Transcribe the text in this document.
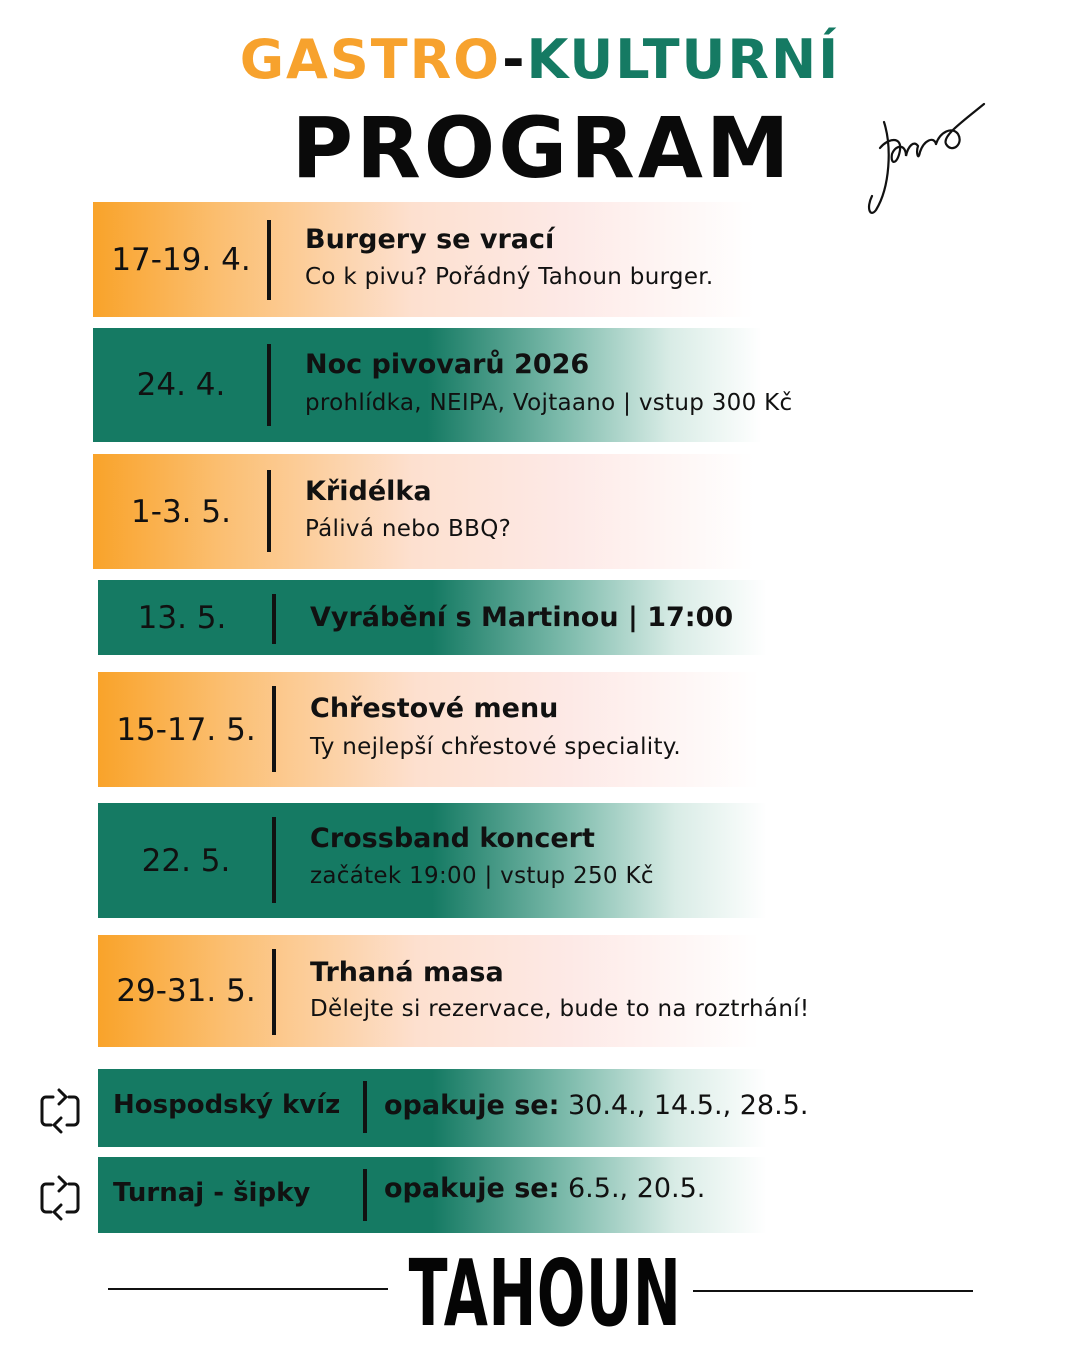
GASTRO-KULTURNÍ
PROGRAM
jaro
17-19. 4.
Burgery se vrací
Co k pivu? Pořádný Tahoun burger.
24. 4.
Noc pivovarů 2026
prohlídka, NEIPA, Vojtaano | vstup 300 Kč
1-3. 5.
Křidélka
Pálivá nebo BBQ?
13. 5.	Vyrábění s Martinou | 17:00
15-17. 5.
Chřestové menu
Ty nejlepší chřestové speciality.
22. 5.
Crossband koncert
začátek 19:00 | vstup 250 Kč
29-31. 5.
Trhaná masa
Dělejte si rezervace, bude to na roztrhání!
Hospodský kvíz opakuje se: 30.4., 14.5., 28.5.
Turnaj - šipky	opakuje se: 6.5., 20.5.
TAHOUN
